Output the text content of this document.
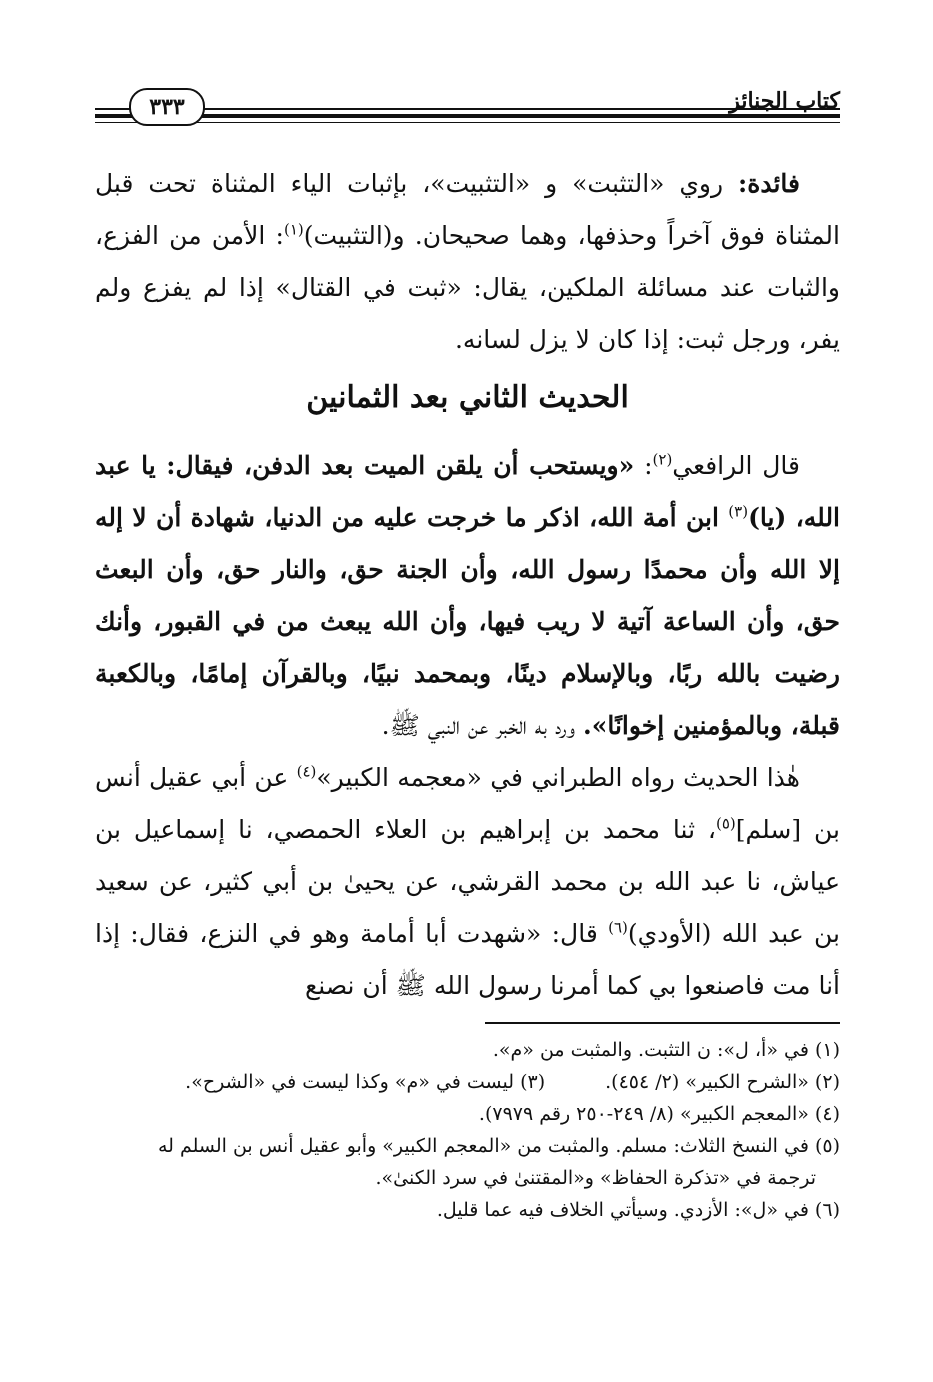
كتاب الجنائز
٣٣٣

فائدة: روي «التثبت» و «التثبيت»، بإثبات الياء المثناة تحت قبل المثناة فوق آخراً وحذفها، وهما صحيحان. و(التثبيت)$^{(١)}$: الأمن من الفزع، والثبات عند مسائلة الملكين، يقال: «ثبت في القتال» إذا لم يفزع ولم يفر، ورجل ثبت: إذا كان لا يزل لسانه.

الحديث الثاني بعد الثمانين

قال الرافعي$^{(٢)}$: «ويستحب أن يلقن الميت بعد الدفن، فيقال: يا عبد الله، (يا)$^{(٣)}$ ابن أمة الله، اذكر ما خرجت عليه من الدنيا، شهادة أن لا إله إلا الله وأن محمدًا رسول الله، وأن الجنة حق، والنار حق، وأن البعث حق، وأن الساعة آتية لا ريب فيها، وأن الله يبعث من في القبور، وأنك رضيت بالله ربًا، وبالإسلام دينًا، وبمحمد نبيًا، وبالقرآن إمامًا، وبالكعبة قبلة، وبالمؤمنين إخوانًا». ورد به الخبر عن النبي ﷺ.

هٰذا الحديث رواه الطبراني في «معجمه الكبير»$^{(٤)}$ عن أبي عقيل أنس بن [سلم]$^{(٥)}$، ثنا محمد بن إبراهيم بن العلاء الحمصي، نا إسماعيل بن عياش، نا عبد الله بن محمد القرشي، عن يحيىٰ بن أبي كثير، عن سعيد بن عبد الله (الأودي)$^{(٦)}$ قال: «شهدت أبا أمامة وهو في النزع، فقال: إذا أنا مت فاصنعوا بي كما أمرنا رسول الله ﷺ أن نصنع

(١) في «أ، ل»: ن التثبت. والمثبت من «م».

(٢) «الشرح الكبير» (٢/ ٤٥٤).
(٣) ليست في «م» وكذا ليست في «الشرح».

(٤) «المعجم الكبير» (٨/ ٢٤٩-٢٥٠ رقم ٧٩٧٩).

(٥) في النسخ الثلاث: مسلم. والمثبت من «المعجم الكبير» وأبو عقيل أنس بن السلم له

ترجمة في «تذكرة الحفاظ» و«المقتنىٰ في سرد الكنىٰ».

(٦) في «ل»: الأزدي. وسيأتي الخلاف فيه عما قليل.
